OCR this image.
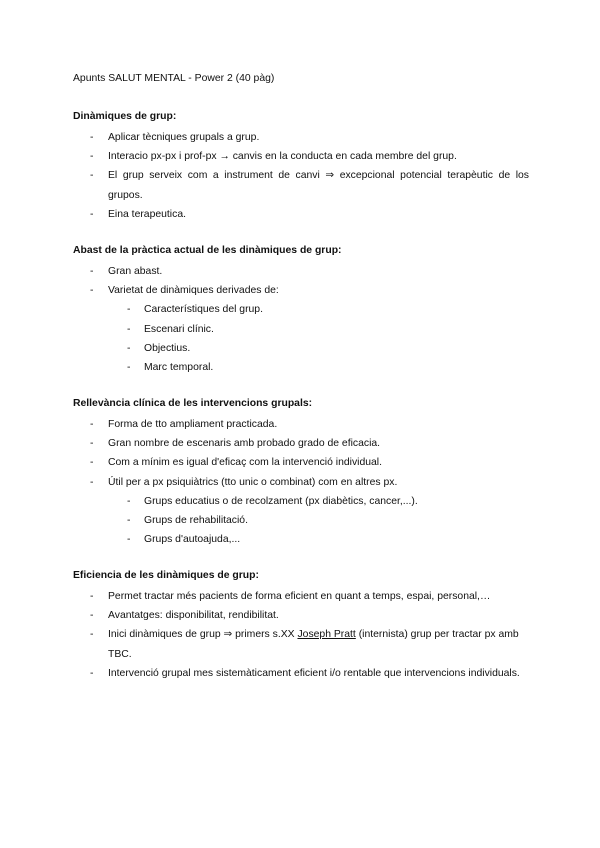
Apunts SALUT MENTAL - Power 2 (40 pàg)
Dinàmiques de grup:
- Aplicar tècniques grupals a grup.
- Interacio px-px i prof-px → canvis en la conducta en cada membre del grup.
- El grup serveix com a instrument de canvi ⇒ excepcional potencial terapèutic de los grupos.
- Eina terapeutica.
Abast de la pràctica actual de les dinàmiques de grup:
- Gran abast.
- Varietat de dinàmiques derivades de:
- Característiques del grup.
- Escenari clínic.
- Objectius.
- Marc temporal.
Rellevància clínica de les intervencions grupals:
- Forma de tto ampliament practicada.
- Gran nombre de escenaris amb probado grado de eficacia.
- Com a mínim es igual d'eficaç com la intervenció individual.
- Útil per a px psiquiàtrics (tto unic o combinat) com en altres px.
- Grups educatius o de recolzament (px diabètics, cancer,...).
- Grups de rehabilitació.
- Grups d'autoajuda,...
Eficiencia de les dinàmiques de grup:
- Permet tractar més pacients de forma eficient en quant a temps, espai, personal,…
- Avantatges: disponibilitat, rendibilitat.
- Inici dinàmiques de grup ⇒ primers s.XX Joseph Pratt (internista) grup per tractar px amb TBC.
- Intervenció grupal mes sistemàticament eficient i/o rentable que intervencions individuals.
